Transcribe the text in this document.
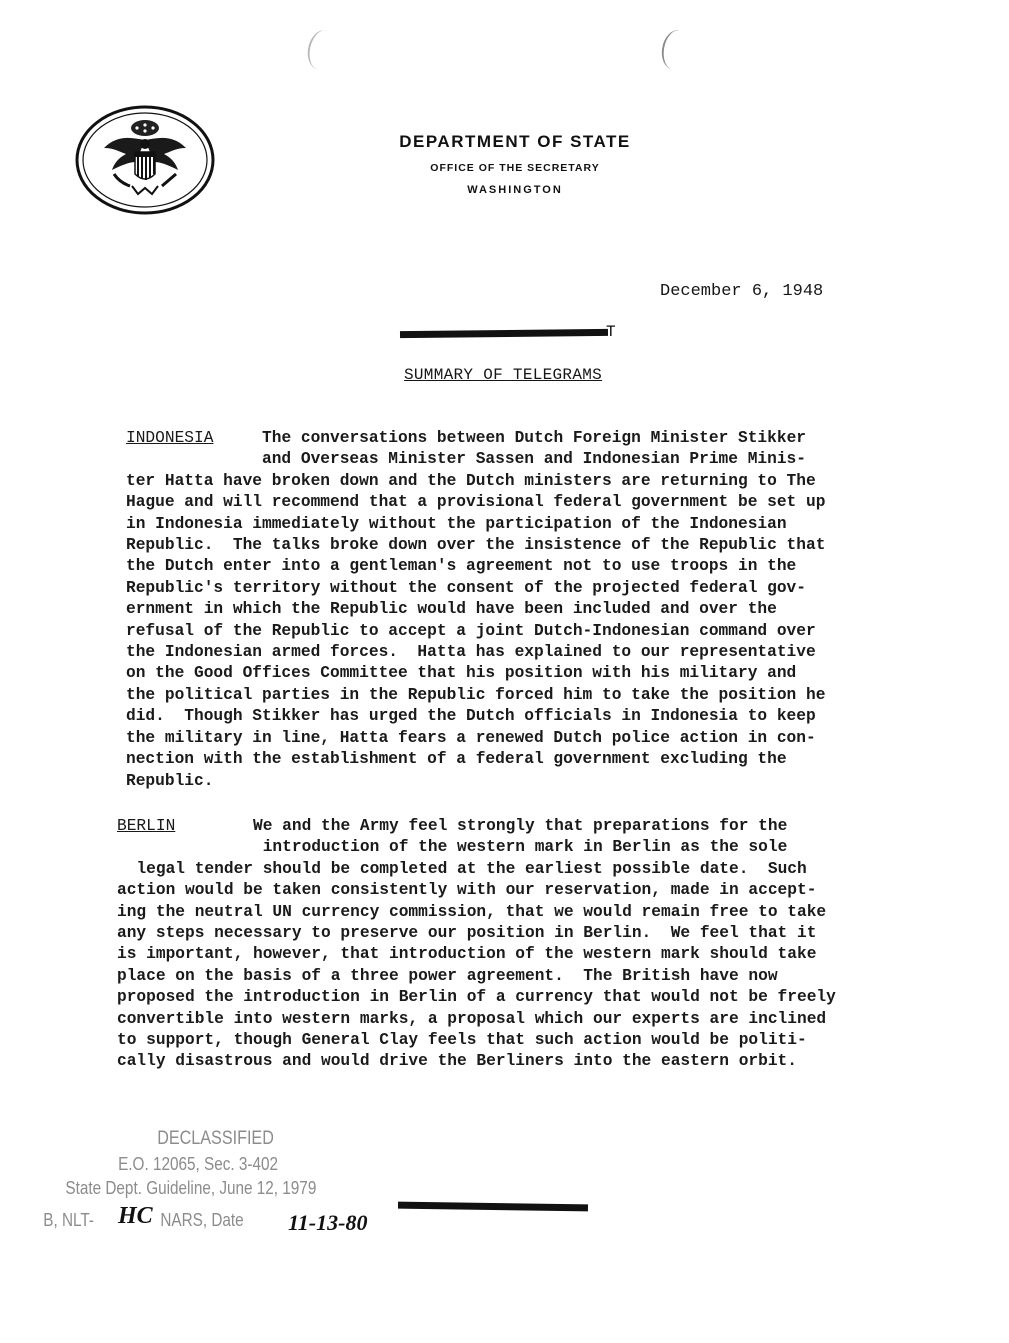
DEPARTMENT OF STATE
OFFICE OF THE SECRETARY
WASHINGTON
December 6, 1948
T
SUMMARY OF TELEGRAMS
INDONESIA	The conversations between Dutch Foreign Minister Stikker
and Overseas Minister Sassen and Indonesian Prime Minis-
ter Hatta have broken down and the Dutch ministers are returning to The
Hague and will recommend that a provisional federal government be set up
in Indonesia immediately without the participation of the Indonesian
Republic.  The talks broke down over the insistence of the Republic that
the Dutch enter into a gentleman's agreement not to use troops in the
Republic's territory without the consent of the projected federal gov-
ernment in which the Republic would have been included and over the
refusal of the Republic to accept a joint Dutch-Indonesian command over
the Indonesian armed forces.  Hatta has explained to our representative
on the Good Offices Committee that his position with his military and
the political parties in the Republic forced him to take the position he
did.  Though Stikker has urged the Dutch officials in Indonesia to keep
the military in line, Hatta fears a renewed Dutch police action in con-
nection with the establishment of a federal government excluding the
Republic.
BERLIN	We and the Army feel strongly that preparations for the
introduction of the western mark in Berlin as the sole
legal tender should be completed at the earliest possible date.  Such
action would be taken consistently with our reservation, made in accept-
ing the neutral UN currency commission, that we would remain free to take
any steps necessary to preserve our position in Berlin.  We feel that it
is important, however, that introduction of the western mark should take
place on the basis of a three power agreement.  The British have now
proposed the introduction in Berlin of a currency that would not be freely
convertible into western marks, a proposal which our experts are inclined
to support, though General Clay feels that such action would be politi-
cally disastrous and would drive the Berliners into the eastern orbit.
DECLASSIFIED
E.O. 12065, Sec. 3-402
State Dept. Guideline, June 12, 1979
B, NLT-	NARS, Date
HC	11-13-80
